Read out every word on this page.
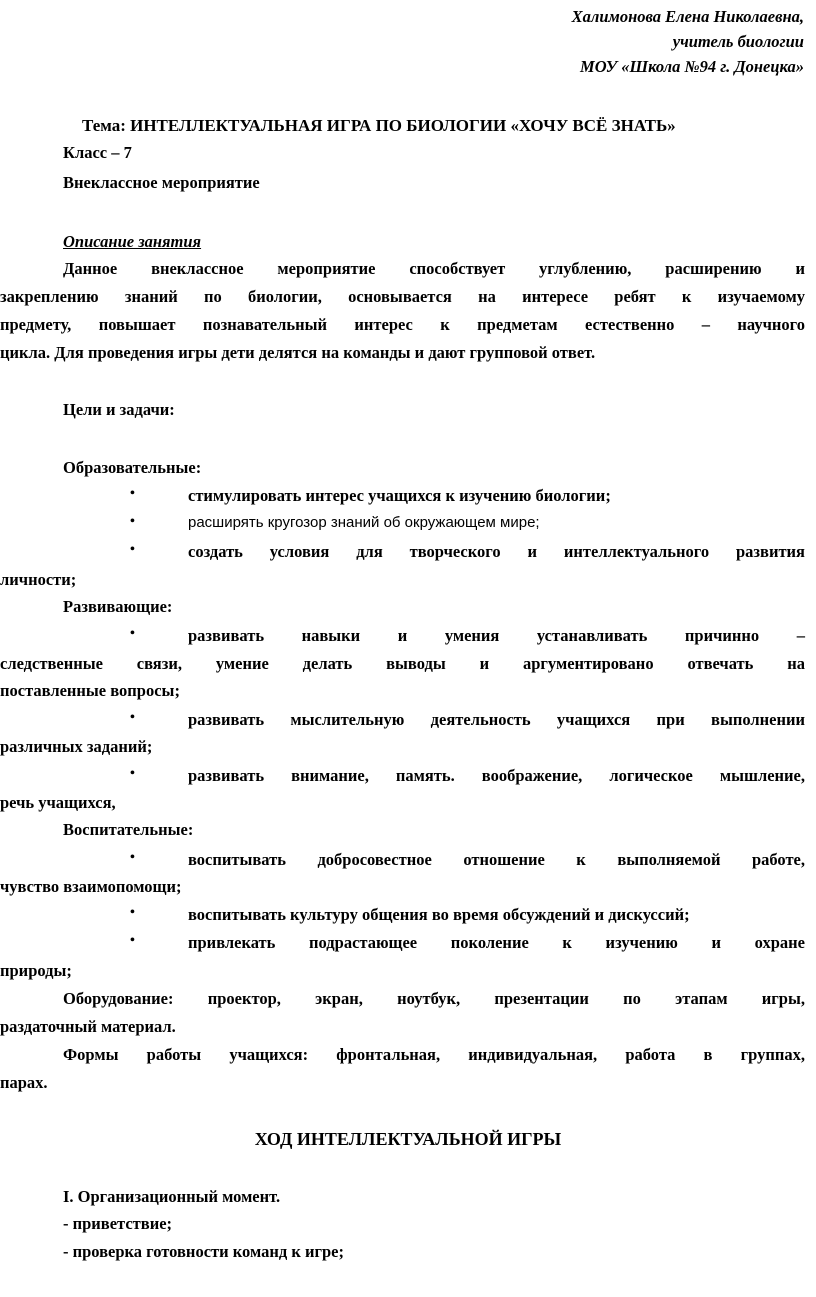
Халимонова Елена Николаевна,
учитель биологии
МОУ «Школа №94 г. Донецка»
Тема: ИНТЕЛЛЕКТУАЛЬНАЯ ИГРА ПО БИОЛОГИИ «ХОЧУ ВСЁ ЗНАТЬ»
Класс – 7
Внеклассное мероприятие
Описание занятия
Данное внеклассное мероприятие способствует углублению, расширению и
закреплению знаний по биологии, основывается на интересе ребят к изучаемому
предмету, повышает познавательный интерес к предметам естественно – научного
цикла. Для проведения игры дети делятся на команды и дают групповой ответ.
Цели и задачи:
Образовательные:
•	стимулировать интерес учащихся к изучению биологии;
•	расширять кругозор знаний об окружающем мире;
•	создать условия для творческого и интеллектуального развития
личности;
Развивающие:
•	развивать навыки и умения устанавливать причинно –
следственные связи, умение делать выводы и аргументировано отвечать на
поставленные вопросы;
•	развивать мыслительную деятельность учащихся при выполнении
различных заданий;
•	развивать внимание, память. воображение, логическое мышление,
речь учащихся,
Воспитательные:
•	воспитывать добросовестное отношение к выполняемой работе,
чувство взаимопомощи;
•	воспитывать культуру общения во время обсуждений и дискуссий;
•	привлекать подрастающее поколение к изучению и охране
природы;
Оборудование: проектор, экран, ноутбук, презентации по этапам игры,
раздаточный материал.
Формы работы учащихся: фронтальная, индивидуальная, работа в группах,
парах.
ХОД ИНТЕЛЛЕКТУАЛЬНОЙ ИГРЫ
I. Организационный момент.
- приветствие;
- проверка готовности команд к игре;
